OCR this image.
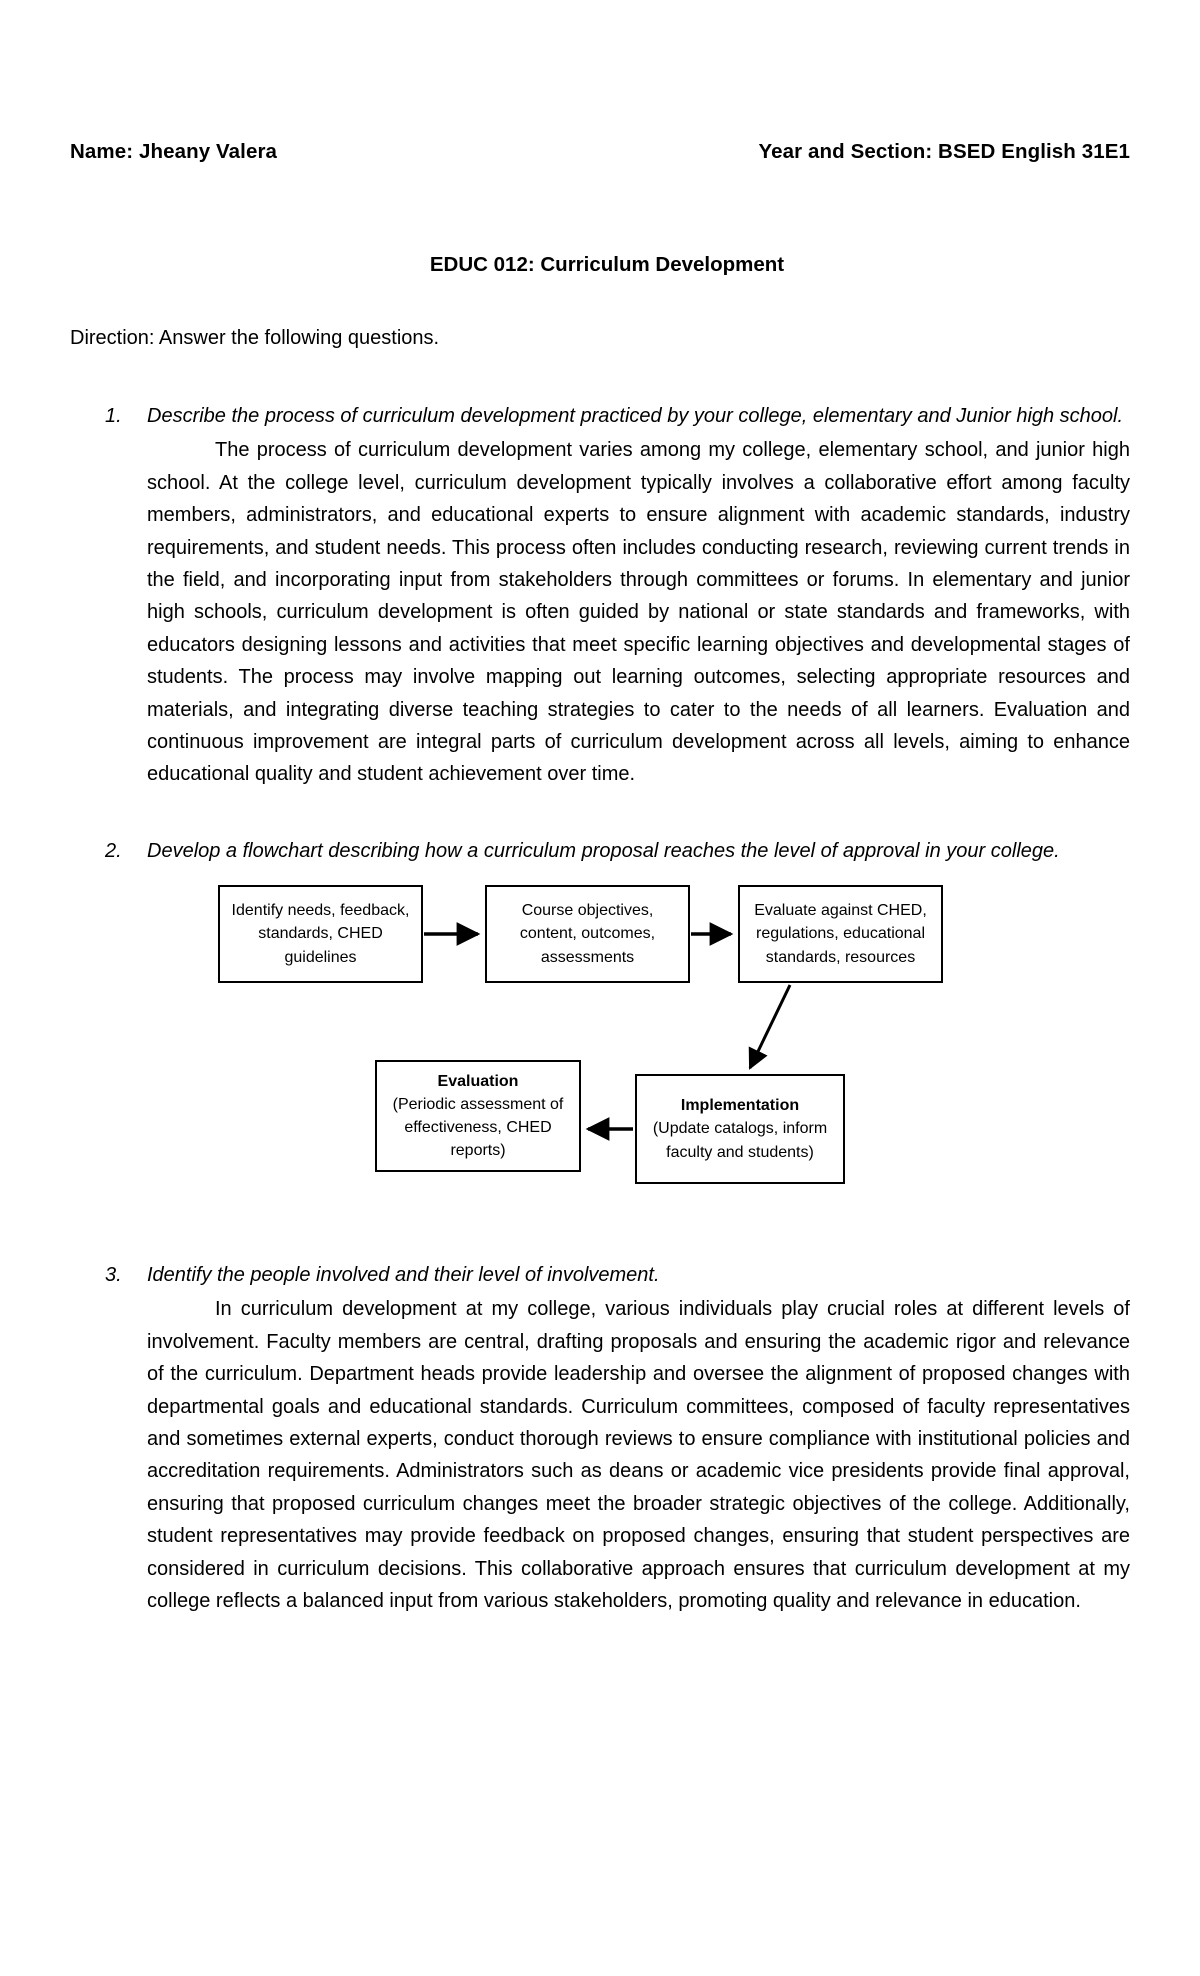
Name: Jheany Valera	Year and Section: BSED English 31E1
EDUC 012: Curriculum Development
Direction: Answer the following questions.
1. Describe the process of curriculum development practiced by your college, elementary and Junior high school.
The process of curriculum development varies among my college, elementary school, and junior high school. At the college level, curriculum development typically involves a collaborative effort among faculty members, administrators, and educational experts to ensure alignment with academic standards, industry requirements, and student needs. This process often includes conducting research, reviewing current trends in the field, and incorporating input from stakeholders through committees or forums. In elementary and junior high schools, curriculum development is often guided by national or state standards and frameworks, with educators designing lessons and activities that meet specific learning objectives and developmental stages of students. The process may involve mapping out learning outcomes, selecting appropriate resources and materials, and integrating diverse teaching strategies to cater to the needs of all learners. Evaluation and continuous improvement are integral parts of curriculum development across all levels, aiming to enhance educational quality and student achievement over time.
2. Develop a flowchart describing how a curriculum proposal reaches the level of approval in your college.
Identify needs, feedback, standards, CHED guidelines
Course objectives, content, outcomes, assessments
Evaluate against CHED, regulations, educational standards, resources
Evaluation
(Periodic assessment of effectiveness, CHED reports)
Implementation
(Update catalogs, inform faculty and students)
3. Identify the people involved and their level of involvement.
In curriculum development at my college, various individuals play crucial roles at different levels of involvement. Faculty members are central, drafting proposals and ensuring the academic rigor and relevance of the curriculum. Department heads provide leadership and oversee the alignment of proposed changes with departmental goals and educational standards. Curriculum committees, composed of faculty representatives and sometimes external experts, conduct thorough reviews to ensure compliance with institutional policies and accreditation requirements. Administrators such as deans or academic vice presidents provide final approval, ensuring that proposed curriculum changes meet the broader strategic objectives of the college. Additionally, student representatives may provide feedback on proposed changes, ensuring that student perspectives are considered in curriculum decisions. This collaborative approach ensures that curriculum development at my college reflects a balanced input from various stakeholders, promoting quality and relevance in education.
